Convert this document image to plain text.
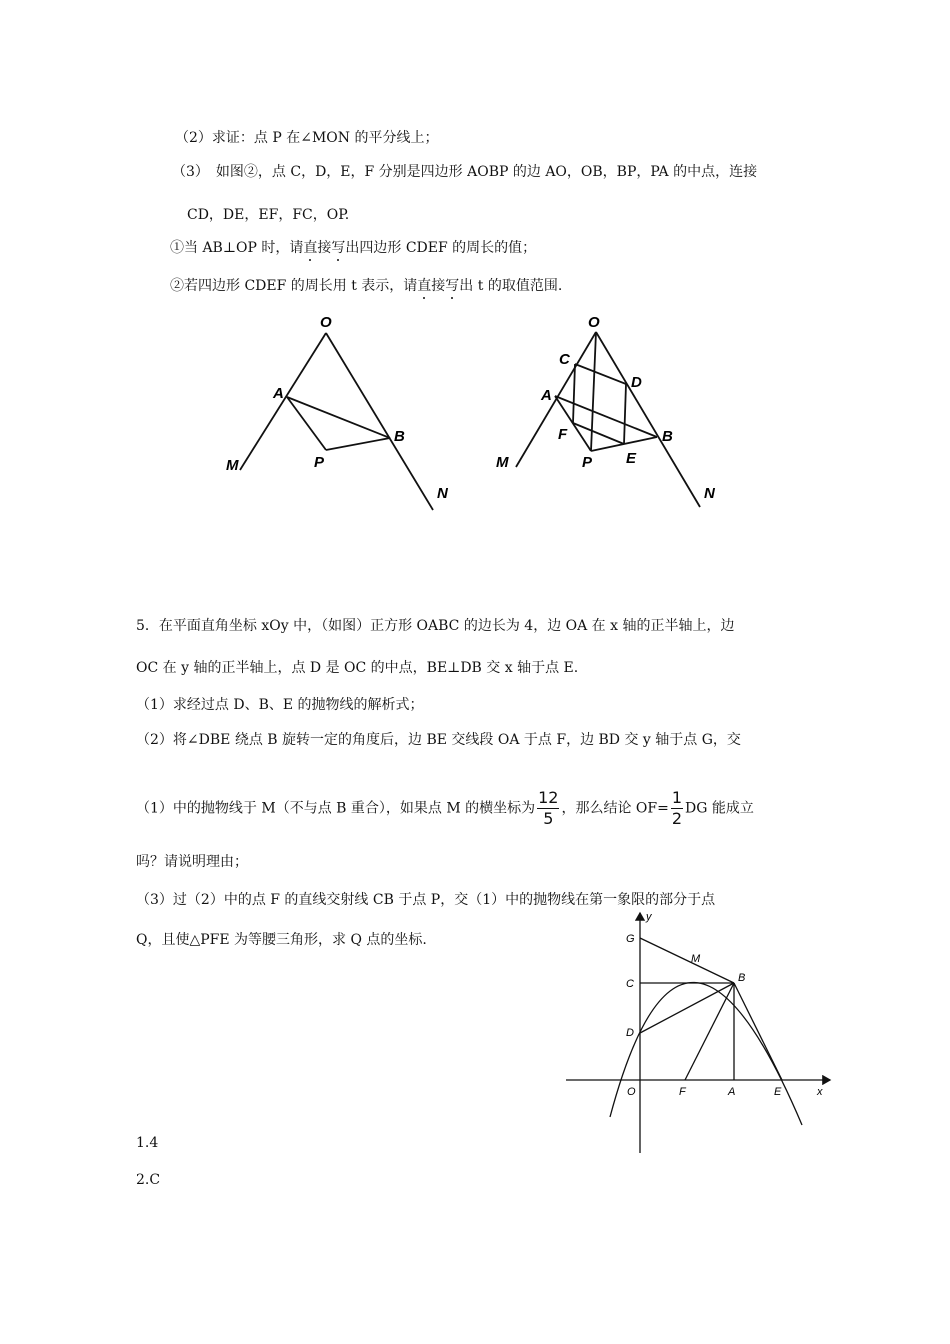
（2）求证：点 P 在∠MON 的平分线上；
（3）　如图②，点 C，D，E，F 分别是四边形 AOBP 的边 AO，OB，BP，PA 的中点，连接
CD，DE，EF，FC，OP.
①当 AB⊥OP 时，请直接写出四边形 CDEF 的周长的值；
②若四边形 CDEF 的周长用 t 表示，请直接写出 t 的取值范围.
O
A
B
P
M
N
O
C
D
A
F	B
P E
M
N
5．在平面直角坐标 xOy 中，（如图）正方形 OABC 的边长为 4，边 OA 在 x 轴的正半轴上，边
OC 在 y 轴的正半轴上，点 D 是 OC 的中点，BE⊥DB 交 x 轴于点 E.
（1）求经过点 D、B、E 的抛物线的解析式；
（2）将∠DBE 绕点 B 旋转一定的角度后，边 BE 交线段 OA 于点 F，边 BD 交 y 轴于点 G，交
（1）中的抛物线于 M（不与点 B 重合），如果点 M 的横坐标为 $\frac{12}{5}$ ，那么结论 $OF= \frac{1}{2}$ DG 能成立
吗？请说明理由；
（3）过（2）中的点 F 的直线交射线 CB 于点 P，交（1）中的抛物线在第一象限的部分于点
Q，且使△PFE 为等腰三角形，求 Q 点的坐标.
y
x
G
M
C	B
D
O	F	A	E
1.4
2.C
